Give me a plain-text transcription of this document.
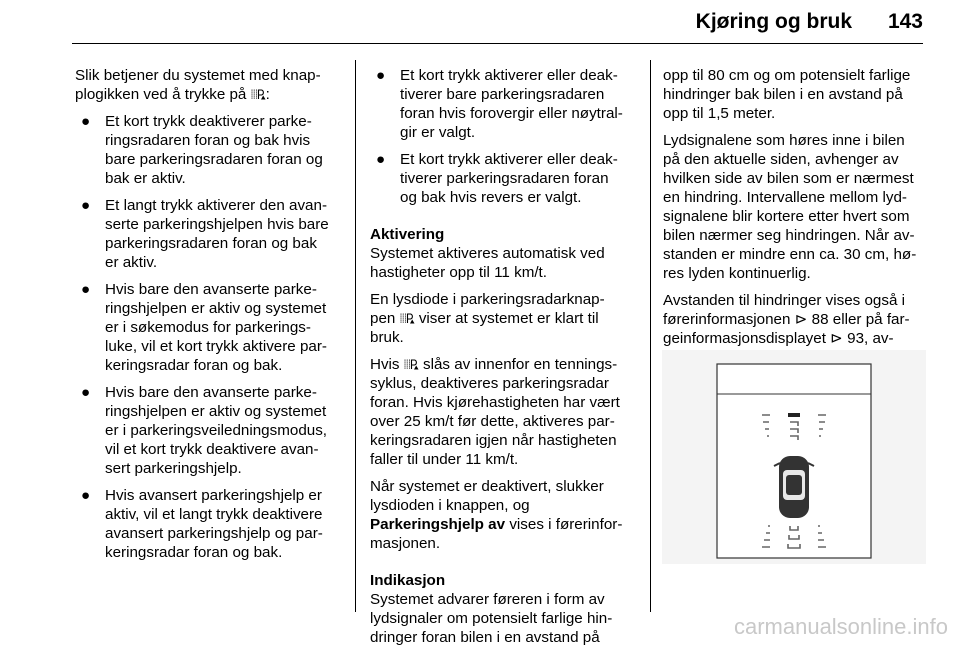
Kjøring og bruk 143

Slik betjener du systemet med knap-
plogikken ved å trykke på :

● Et kort trykk deaktiverer parke-
ringsradaren foran og bak hvis
bare parkeringsradaren foran og
bak er aktiv.
● Et langt trykk aktiverer den avan-
serte parkeringshjelpen hvis bare
parkeringsradaren foran og bak
er aktiv.
● Hvis bare den avanserte parke-
ringshjelpen er aktiv og systemet
er i søkemodus for parkerings-
luke, vil et kort trykk aktivere par-
keringsradar foran og bak.
● Hvis bare den avanserte parke-
ringshjelpen er aktiv og systemet
er i parkeringsveiledningsmodus,
vil et kort trykk deaktivere avan-
sert parkeringshjelp.
● Hvis avansert parkeringshjelp er
aktiv, vil et langt trykk deaktivere
avansert parkeringshjelp og par-
keringsradar foran og bak.
● Et kort trykk aktiverer eller deak-
tiverer bare parkeringsradaren
foran hvis forovergir eller nøytral-
gir er valgt.
● Et kort trykk aktiverer eller deak-
tiverer parkeringsradaren foran
og bak hvis revers er valgt.

Aktivering

Systemet aktiveres automatisk ved
hastigheter opp til 11 km/t.

En lysdiode i parkeringsradarknap-
pen viser at systemet er klart til
bruk.

Hvis slås av innenfor en tennings-
syklus, deaktiveres parkeringsradar
foran. Hvis kjørehastigheten har vært
over 25 km/t før dette, aktiveres par-
keringsradaren igjen når hastigheten
faller til under 11 km/t.

Når systemet er deaktivert, slukker
lysdioden i knappen, og
Parkeringshjelp av vises i førerinfor-
masjonen.

Indikasjon

Systemet advarer føreren i form av
lydsignaler om potensielt farlige hin-
dringer foran bilen i en avstand på

opp til 80 cm og om potensielt farlige
hindringer bak bilen i en avstand på
opp til 1,5 meter.

Lydsignalene som høres inne i bilen
på den aktuelle siden, avhenger av
hvilken side av bilen som er nærmest
en hindring. Intervallene mellom lyd-
signalene blir kortere etter hvert som
bilen nærmer seg hindringen. Når av-
standen er mindre enn ca. 30 cm, hø-
res lyden kontinuerlig.

Avstanden til hindringer vises også i
førerinformasjonen ⊳ 88 eller på far-
geinformasjonsdisplayet ⊳ 93, av-

carmanualsonline.info
